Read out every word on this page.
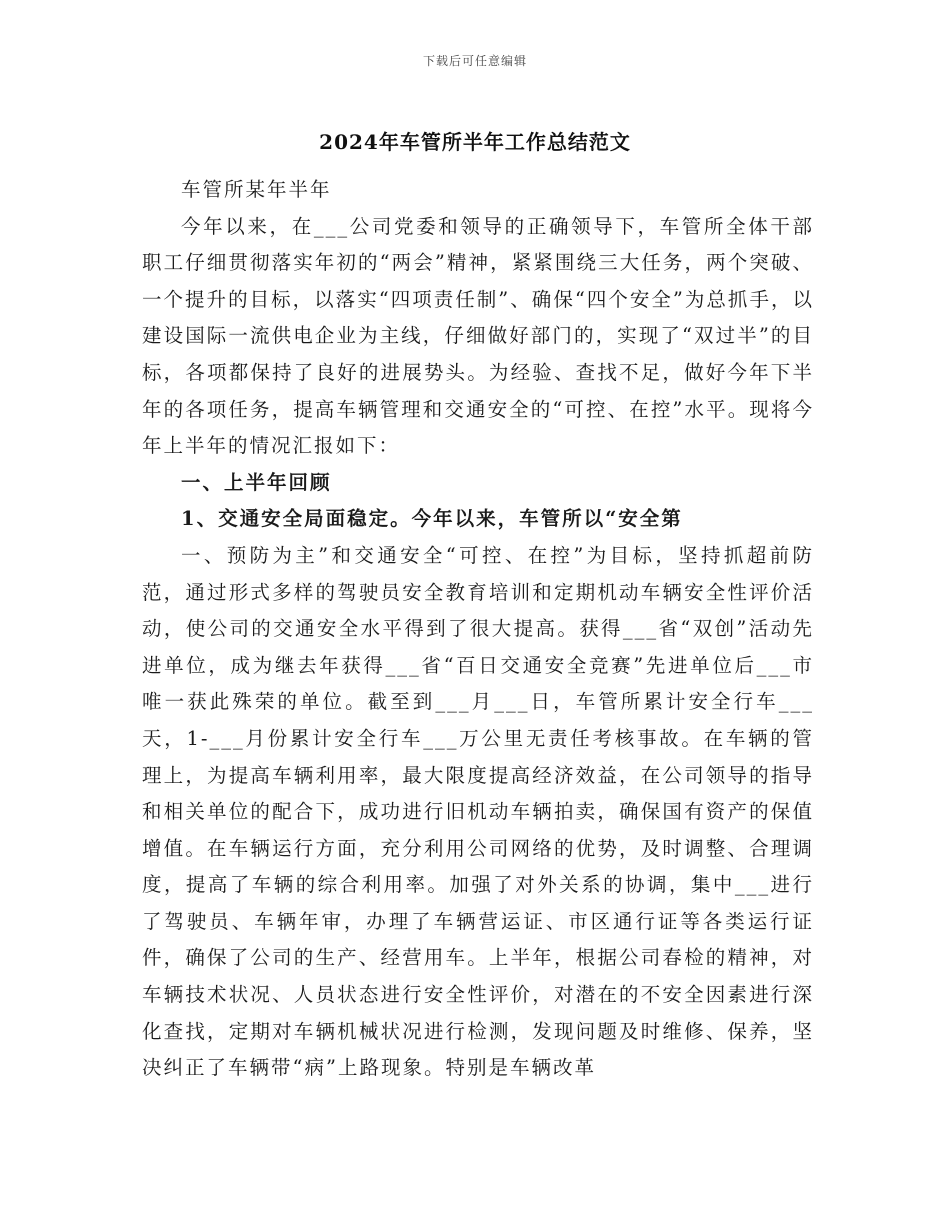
下载后可任意编辑
2024年车管所半年工作总结范文

车管所某年半年

今年以来，在___公司党委和领导的正确领导下，车管所全体干部职工仔细贯彻落实年初的“两会”精神，紧紧围绕三大任务，两个突破、一个提升的目标，以落实“四项责任制”、确保“四个安全”为总抓手，以建设国际一流供电企业为主线，仔细做好部门的，实现了“双过半”的目标，各项都保持了良好的进展势头。为经验、查找不足，做好今年下半年的各项任务，提高车辆管理和交通安全的“可控、在控”水平。现将今年上半年的情况汇报如下：

一、上半年回顾

1、交通安全局面稳定。今年以来，车管所以“安全第

一、预防为主”和交通安全“可控、在控”为目标，坚持抓超前防范，通过形式多样的驾驶员安全教育培训和定期机动车辆安全性评价活动，使公司的交通安全水平得到了很大提高。获得___省“双创”活动先进单位，成为继去年获得___省“百日交通安全竞赛”先进单位后___市唯一获此殊荣的单位。截至到___月___日，车管所累计安全行车___天，1-___月份累计安全行车___万公里无责任考核事故。在车辆的管理上，为提高车辆利用率，最大限度提高经济效益，在公司领导的指导和相关单位的配合下，成功进行旧机动车辆拍卖，确保国有资产的保值增值。在车辆运行方面，充分利用公司网络的优势，及时调整、合理调度，提高了车辆的综合利用率。加强了对外关系的协调，集中___进行了驾驶员、车辆年审，办理了车辆营运证、市区通行证等各类运行证件，确保了公司的生产、经营用车。上半年，根据公司春检的精神，对车辆技术状况、人员状态进行安全性评价，对潜在的不安全因素进行深化查找，定期对车辆机械状况进行检测，发现问题及时维修、保养，坚决纠正了车辆带“病”上路现象。特别是车辆改革
